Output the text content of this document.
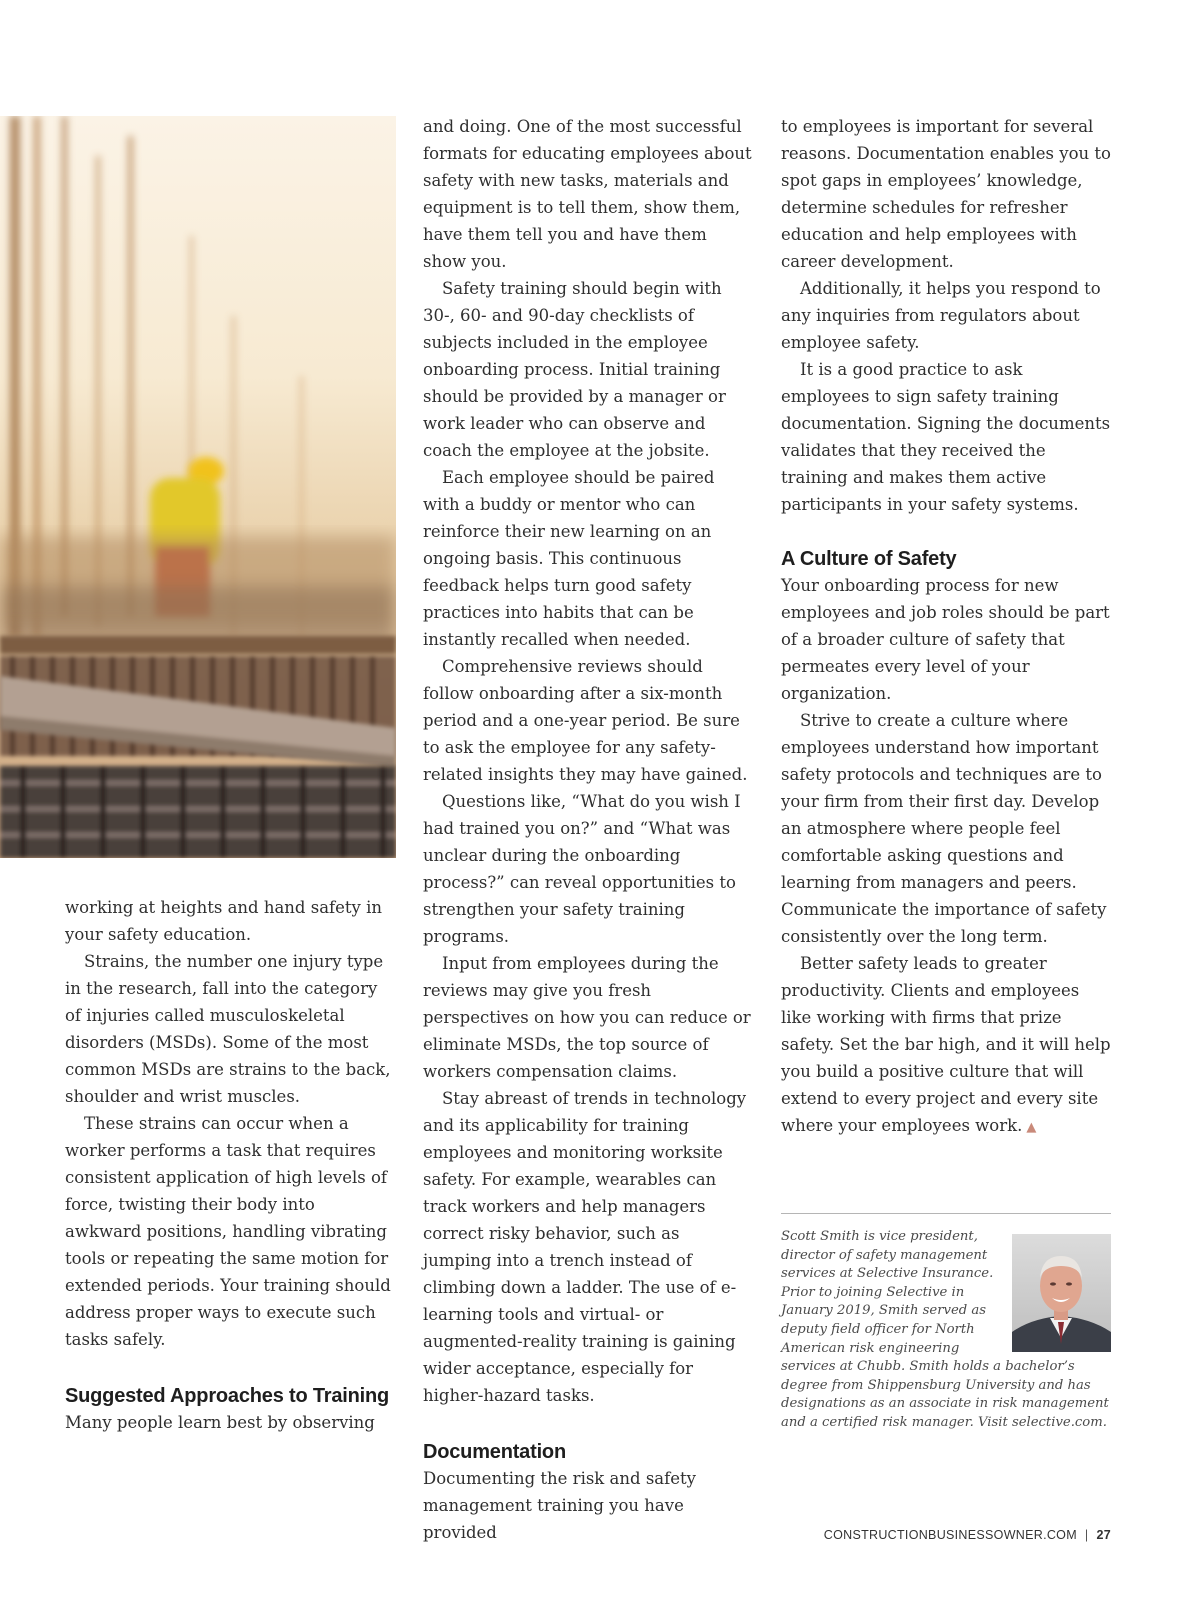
working at heights and hand safety in your safety education.

Strains, the number one injury type in the research, fall into the category of injuries called musculoskeletal disorders (MSDs). Some of the most common MSDs are strains to the back, shoulder and wrist muscles.

These strains can occur when a worker performs a task that requires consistent application of high levels of force, twisting their body into awkward positions, handling vibrating tools or repeating the same motion for extended periods. Your training should address proper ways to execute such tasks safely.

Suggested Approaches to Training

Many people learn best by observing

and doing. One of the most successful formats for educating employees about safety with new tasks, materials and equipment is to tell them, show them, have them tell you and have them show you.

Safety training should begin with 30-, 60- and 90-day checklists of subjects included in the employee onboarding process. Initial training should be provided by a manager or work leader who can observe and coach the employee at the jobsite.

Each employee should be paired with a buddy or mentor who can reinforce their new learning on an ongoing basis. This continuous feedback helps turn good safety practices into habits that can be instantly recalled when needed.

Comprehensive reviews should follow onboarding after a six-month period and a one-year period. Be sure to ask the employee for any safety-related insights they may have gained.

Questions like, “What do you wish I had trained you on?” and “What was unclear during the onboarding process?” can reveal opportunities to strengthen your safety training programs.

Input from employees during the reviews may give you fresh perspectives on how you can reduce or eliminate MSDs, the top source of workers compensation claims.

Stay abreast of trends in technology and its applicability for training employees and monitoring worksite safety. For example, wearables can track workers and help managers correct risky behavior, such as jumping into a trench instead of climbing down a ladder. The use of e-learning tools and virtual- or augmented-reality training is gaining wider acceptance, especially for higher-hazard tasks.

Documentation

Documenting the risk and safety management training you have provided

to employees is important for several reasons. Documentation enables you to spot gaps in employees’ knowledge, determine schedules for refresher education and help employees with career development.

Additionally, it helps you respond to any inquiries from regulators about employee safety.

It is a good practice to ask employees to sign safety training documentation. Signing the documents validates that they received the training and makes them active participants in your safety systems.

A Culture of Safety

Your onboarding process for new employees and job roles should be part of a broader culture of safety that permeates every level of your organization.

Strive to create a culture where employees understand how important safety protocols and techniques are to your firm from their first day. Develop an atmosphere where people feel comfortable asking questions and learning from managers and peers. Communicate the importance of safety consistently over the long term.

Better safety leads to greater productivity. Clients and employees like working with firms that prize safety. Set the bar high, and it will help you build a positive culture that will extend to every project and every site where your employees work. ▲

Scott Smith is vice president, director of safety management services at Selective Insurance. Prior to joining Selective in January 2019, Smith served as deputy field officer for North American risk engineering services at Chubb. Smith holds a bachelor’s degree from Shippensburg University and has designations as an associate in risk management and a certified risk manager. Visit selective.com.
CONSTRUCTIONBUSINESSOWNER.COM | 27
